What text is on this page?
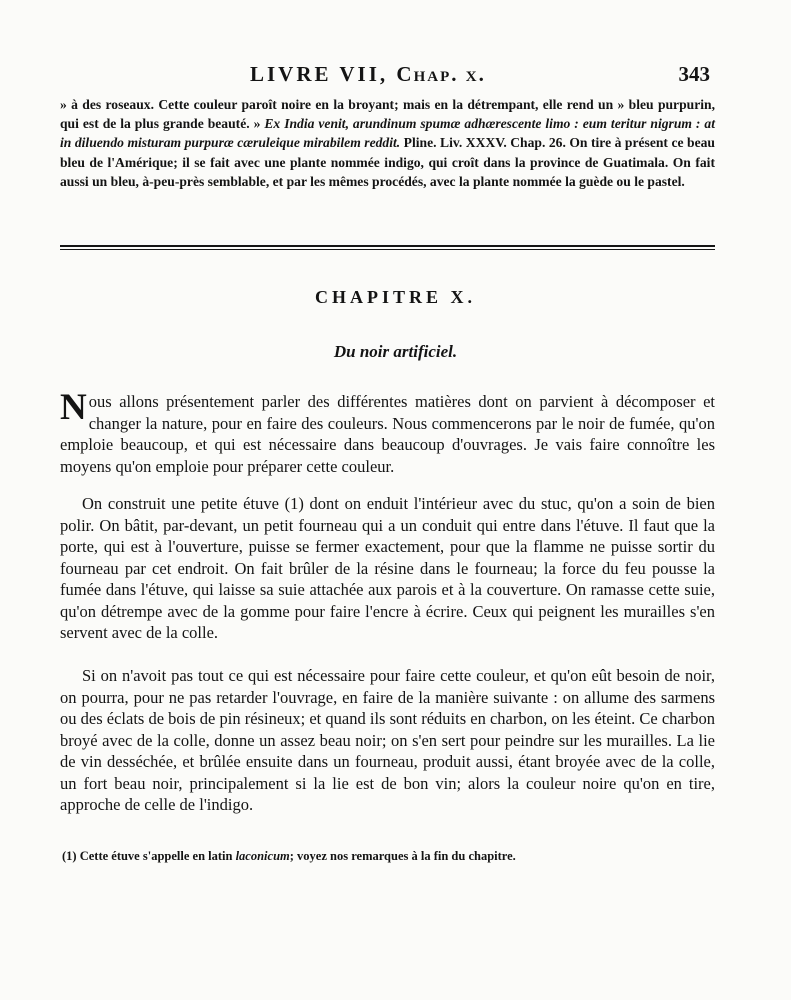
LIVRE VII, Chap. x.	343
» à des roseaux. Cette couleur paroît noire en la broyant; mais en la détrempant, elle rend un » bleu purpurin, qui est de la plus grande beauté. » Ex India venit, arundinum spumæ adhærescente limo : eum teritur nigrum : at in diluendo misturam purpuræ cæruleique mirabilem reddit. Pline. Liv. XXXV. Chap. 26. On tire à présent ce beau bleu de l'Amérique; il se fait avec une plante nommée indigo, qui croît dans la province de Guatimala. On fait aussi un bleu, à-peu-près semblable, et par les mêmes procédés, avec la plante nommée la guède ou le pastel.
CHAPITRE X.
Du noir artificiel.

Nous allons présentement parler des différentes matières dont on parvient à décomposer et changer la nature, pour en faire des couleurs. Nous commencerons par le noir de fumée, qu'on emploie beaucoup, et qui est nécessaire dans beaucoup d'ouvrages. Je vais faire connoître les moyens qu'on emploie pour préparer cette couleur.

On construit une petite étuve (1) dont on enduit l'intérieur avec du stuc, qu'on a soin de bien polir. On bâtit, par-devant, un petit fourneau qui a un conduit qui entre dans l'étuve. Il faut que la porte, qui est à l'ouverture, puisse se fermer exactement, pour que la flamme ne puisse sortir du fourneau par cet endroit. On fait brûler de la résine dans le fourneau; la force du feu pousse la fumée dans l'étuve, qui laisse sa suie attachée aux parois et à la couverture. On ramasse cette suie, qu'on détrempe avec de la gomme pour faire l'encre à écrire. Ceux qui peignent les murailles s'en servent avec de la colle.

Si on n'avoit pas tout ce qui est nécessaire pour faire cette couleur, et qu'on eût besoin de noir, on pourra, pour ne pas retarder l'ouvrage, en faire de la manière suivante : on allume des sarmens ou des éclats de bois de pin résineux; et quand ils sont réduits en charbon, on les éteint. Ce charbon broyé avec de la colle, donne un assez beau noir; on s'en sert pour peindre sur les murailles. La lie de vin desséchée, et brûlée ensuite dans un fourneau, produit aussi, étant broyée avec de la colle, un fort beau noir, principalement si la lie est de bon vin; alors la couleur noire qu'on en tire, approche de celle de l'indigo.

(1) Cette étuve s'appelle en latin laconicum; voyez nos remarques à la fin du chapitre.
